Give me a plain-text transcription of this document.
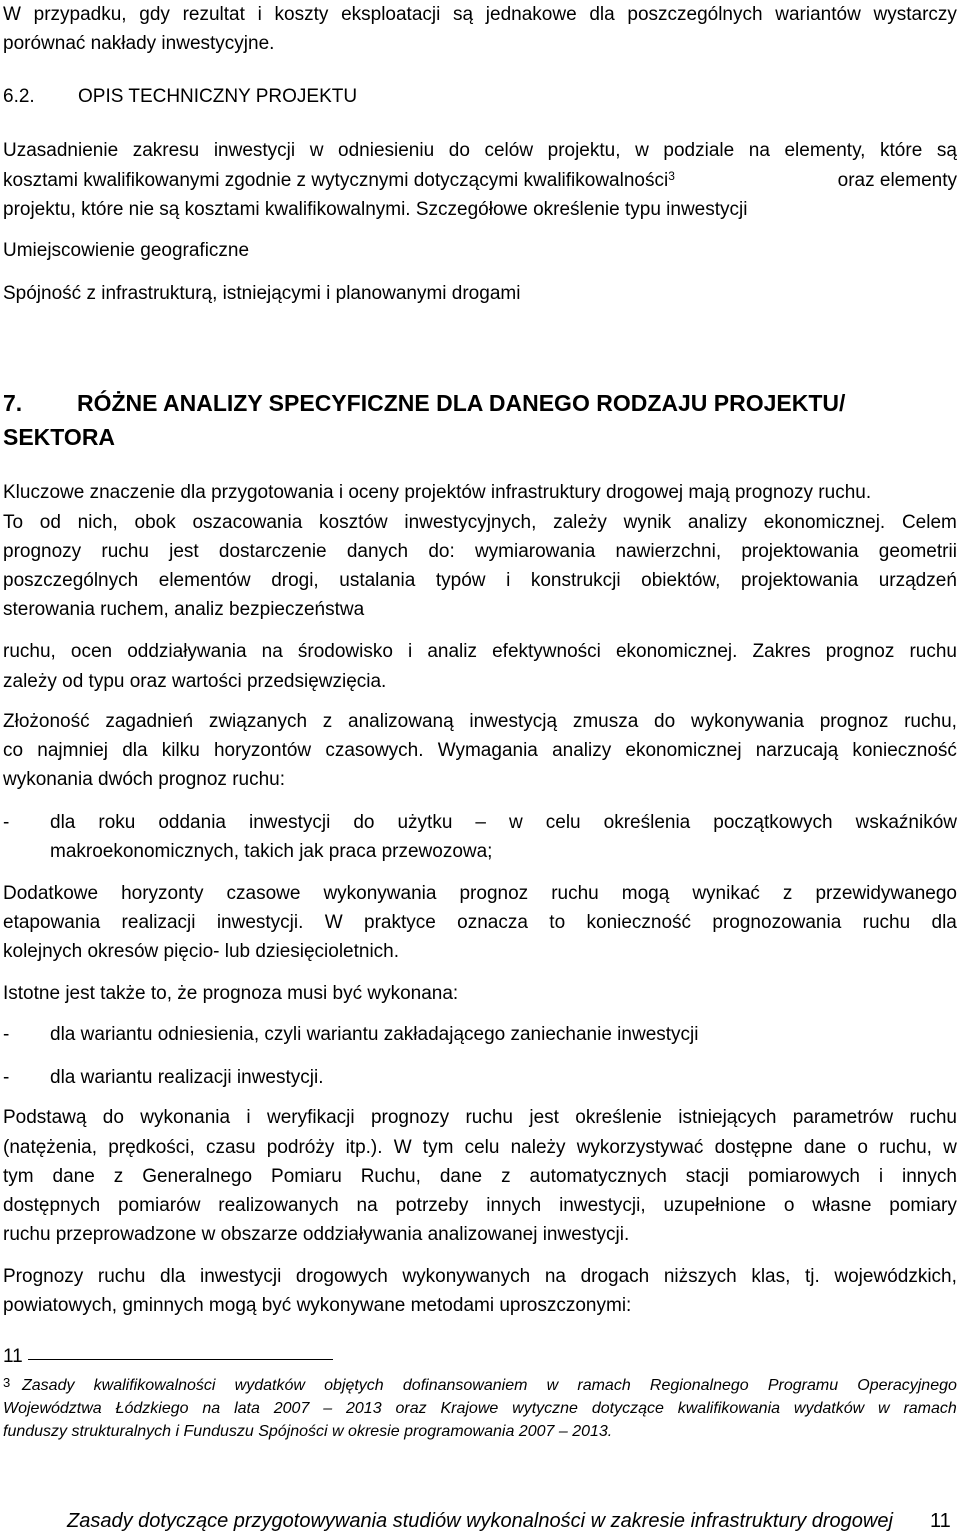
W przypadku, gdy rezultat i koszty eksploatacji są jednakowe dla poszczególnych wariantów wystarczy
porównać nakłady inwestycyjne.
6.2. OPIS TECHNICZNY PROJEKTU
Uzasadnienie zakresu inwestycji w odniesieniu do celów projektu, w podziale na elementy, które są
kosztami kwalifikowanymi zgodnie z wytycznymi dotyczącymi kwalifikowalności$^3$	oraz elementy
projektu, które nie są kosztami kwalifikowalnymi. Szczegółowe określenie typu inwestycji
Umiejscowienie geograficzne
Spójność z infrastrukturą, istniejącymi i planowanymi drogami
7. RÓŻNE ANALIZY SPECYFICZNE DLA DANEGO RODZAJU PROJEKTU/
SEKTORA
Kluczowe znaczenie dla przygotowania i oceny projektów infrastruktury drogowej mają prognozy ruchu.
To od nich, obok oszacowania kosztów inwestycyjnych, zależy wynik analizy ekonomicznej. Celem
prognozy ruchu jest dostarczenie danych do: wymiarowania nawierzchni, projektowania geometrii
poszczególnych elementów drogi, ustalania typów i konstrukcji obiektów, projektowania urządzeń
sterowania ruchem, analiz bezpieczeństwa
ruchu, ocen oddziaływania na środowisko i analiz efektywności ekonomicznej. Zakres prognoz ruchu
zależy od typu oraz wartości przedsięwzięcia.
Złożoność zagadnień związanych z analizowaną inwestycją zmusza do wykonywania prognoz ruchu,
co najmniej dla kilku horyzontów czasowych. Wymagania analizy ekonomicznej narzucają konieczność
wykonania dwóch prognoz ruchu:
- dla roku oddania inwestycji do użytku – w celu określenia początkowych wskaźników
makroekonomicznych, takich jak praca przewozowa;
Dodatkowe horyzonty czasowe wykonywania prognoz ruchu mogą wynikać z przewidywanego
etapowania realizacji inwestycji. W praktyce oznacza to konieczność prognozowania ruchu dla
kolejnych okresów pięcio- lub dziesięcioletnich.
Istotne jest także to, że prognoza musi być wykonana:
- dla wariantu odniesienia, czyli wariantu zakładającego zaniechanie inwestycji
- dla wariantu realizacji inwestycji.
Podstawą do wykonania i weryfikacji prognozy ruchu jest określenie istniejących parametrów ruchu
(natężenia, prędkości, czasu podróży itp.). W tym celu należy wykorzystywać dostępne dane o ruchu, w
tym dane z Generalnego Pomiaru Ruchu, dane z automatycznych stacji pomiarowych i innych
dostępnych pomiarów realizowanych na potrzeby innych inwestycji, uzupełnione o własne pomiary
ruchu przeprowadzone w obszarze oddziaływania analizowanej inwestycji.
Prognozy ruchu dla inwestycji drogowych wykonywanych na drogach niższych klas, tj. wojewódzkich,
powiatowych, gminnych mogą być wykonywane metodami uproszczonymi:
11
3 Zasady kwalifikowalności wydatków objętych dofinansowaniem w ramach Regionalnego Programu Operacyjnego
Województwa Łódzkiego na lata 2007 – 2013 oraz Krajowe wytyczne dotyczące kwalifikowania wydatków w ramach
funduszy strukturalnych i Funduszu Spójności w okresie programowania 2007 – 2013.
Zasady dotyczące przygotowywania studiów wykonalności w zakresie infrastruktury drogowej 11
